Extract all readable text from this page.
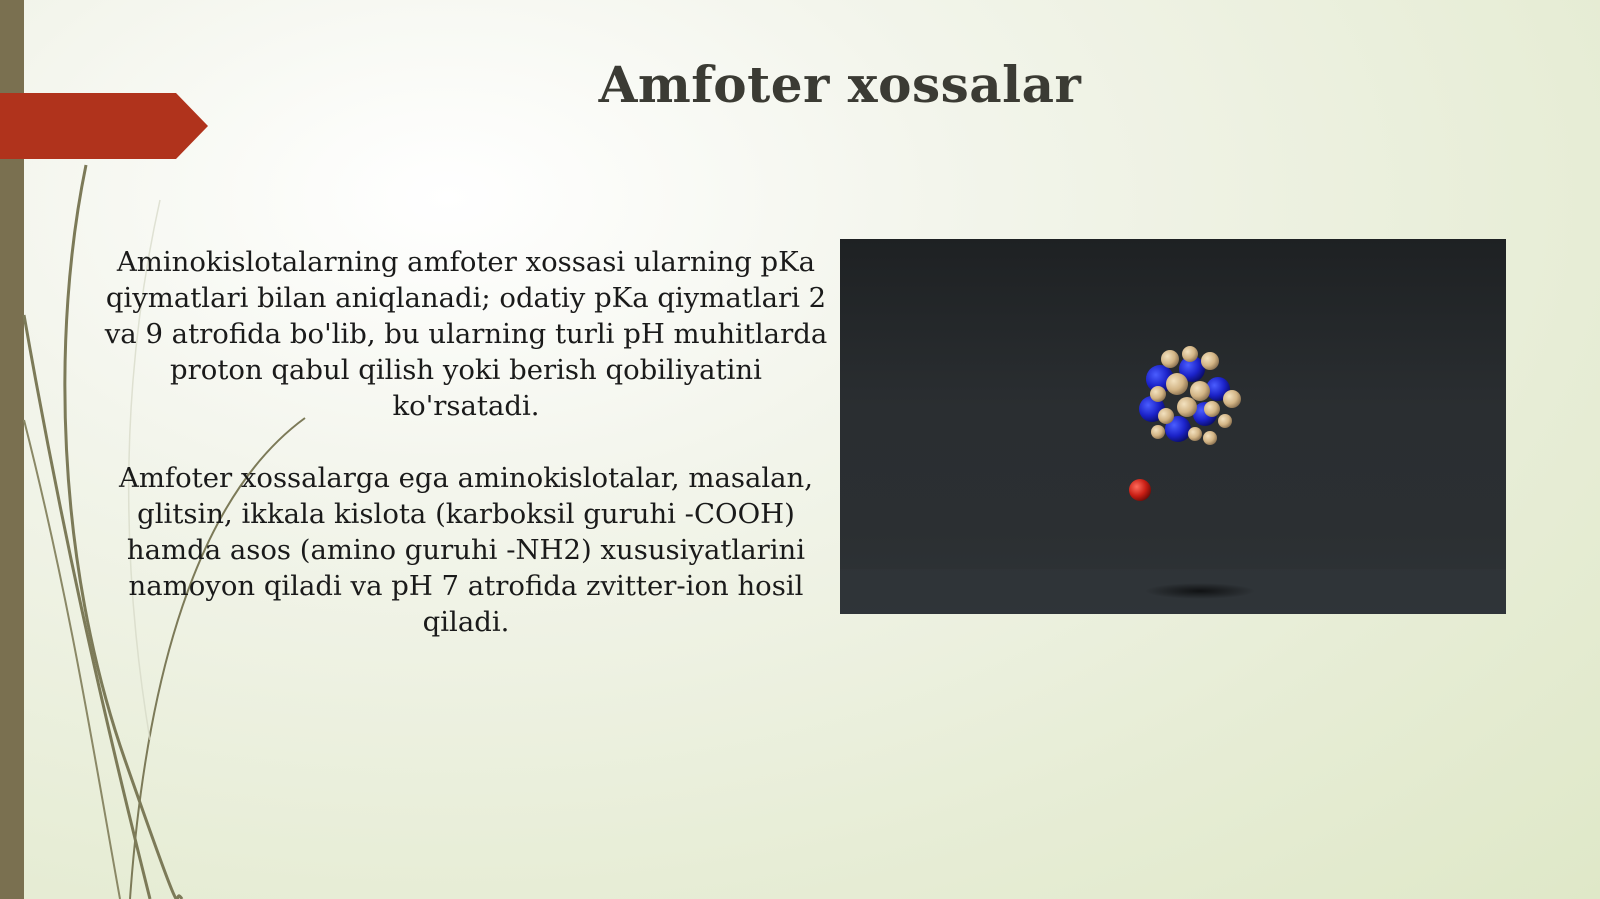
Amfoter xossalar

Aminokislotalarning amfoter xossasi ularning pKa qiymatlari bilan aniqlanadi; odatiy pKa qiymatlari 2 va 9 atrofida bo'lib, bu ularning turli pH muhitlarda proton qabul qilish yoki berish qobiliyatini ko'rsatadi.

Amfoter xossalarga ega aminokislotalar, masalan, glitsin, ikkala kislota (karboksil guruhi -COOH) hamda asos (amino guruhi -NH2) xususiyatlarini namoyon qiladi va pH 7 atrofida zvitter-ion hosil qiladi.
